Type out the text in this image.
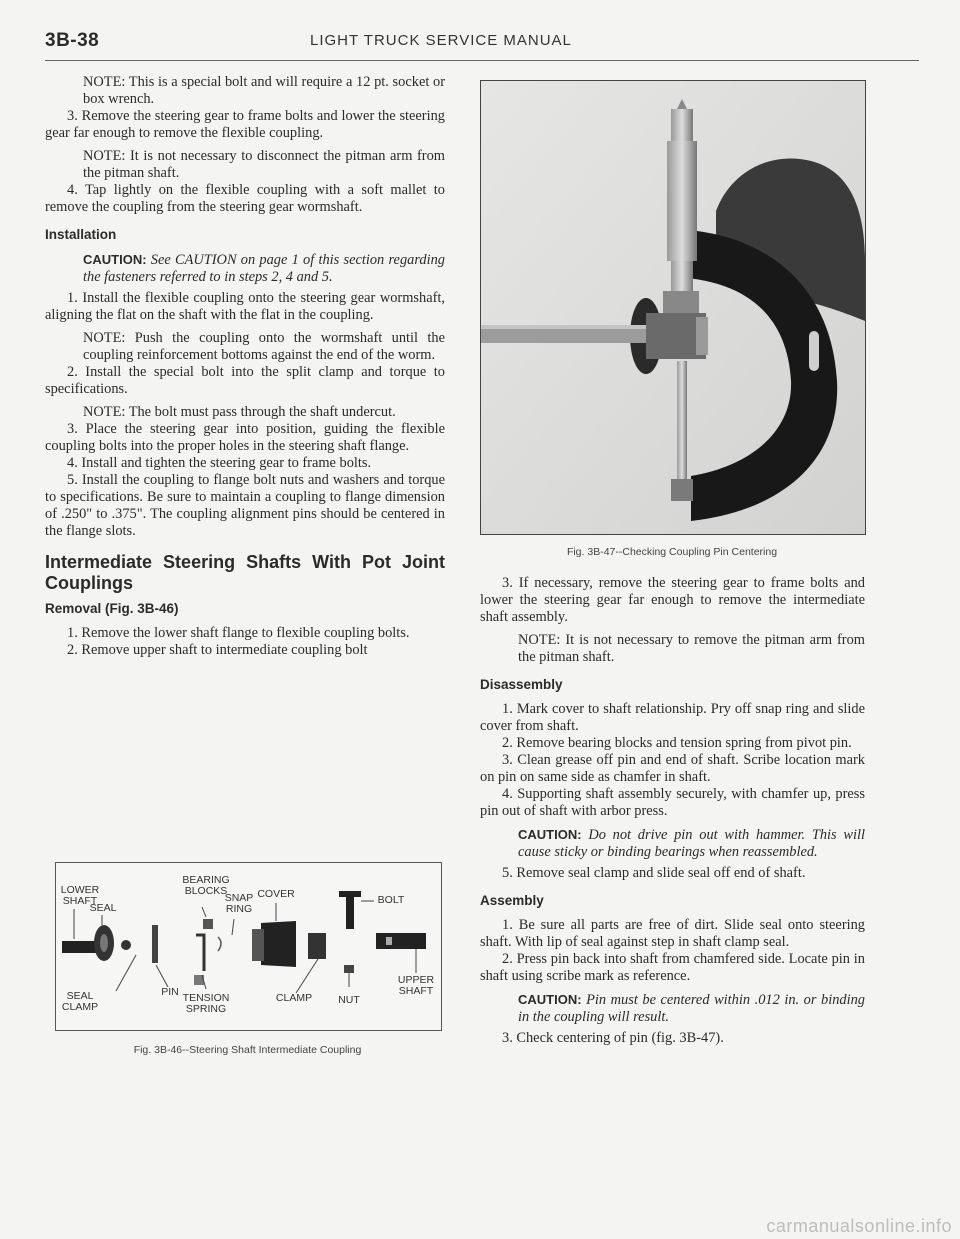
3B-38	LIGHT TRUCK SERVICE MANUAL

NOTE: This is a special bolt and will require a 12 pt. socket or box wrench.

3. Remove the steering gear to frame bolts and lower the steering gear far enough to remove the flexible coupling.

NOTE: It is not necessary to disconnect the pitman arm from the pitman shaft.

4. Tap lightly on the flexible coupling with a soft mallet to remove the coupling from the steering gear wormshaft.

Installation

CAUTION: See CAUTION on page 1 of this section regarding the fasteners referred to in steps 2, 4 and 5.

1. Install the flexible coupling onto the steering gear wormshaft, aligning the flat on the shaft with the flat in the coupling.

NOTE: Push the coupling onto the wormshaft until the coupling reinforcement bottoms against the end of the worm.

2. Install the special bolt into the split clamp and torque to specifications.

NOTE: The bolt must pass through the shaft undercut.

3. Place the steering gear into position, guiding the flexible coupling bolts into the proper holes in the steering shaft flange.

4. Install and tighten the steering gear to frame bolts.

5. Install the coupling to flange bolt nuts and washers and torque to specifications. Be sure to maintain a coupling to flange dimension of .250" to .375". The coupling alignment pins should be centered in the flange slots.

Intermediate Steering Shafts With Pot Joint Couplings

Removal (Fig. 3B-46)

1. Remove the lower shaft flange to flexible coupling bolts.

2. Remove upper shaft to intermediate coupling bolt

LOWER SHAFT
BEARING BLOCKS
SNAP RING
COVER	BOLT
SEAL
SEAL CLAMP
PIN TENSION SPRING
CLAMP	NUT
UPPER SHAFT
Fig. 3B-46--Steering Shaft Intermediate Coupling
Fig. 3B-47--Checking Coupling Pin Centering

3. If necessary, remove the steering gear to frame bolts and lower the steering gear far enough to remove the intermediate shaft assembly.

NOTE: It is not necessary to remove the pitman arm from the pitman shaft.

Disassembly

1. Mark cover to shaft relationship. Pry off snap ring and slide cover from shaft.

2. Remove bearing blocks and tension spring from pivot pin.

3. Clean grease off pin and end of shaft. Scribe location mark on pin on same side as chamfer in shaft.

4. Supporting shaft assembly securely, with chamfer up, press pin out of shaft with arbor press.

CAUTION: Do not drive pin out with hammer. This will cause sticky or binding bearings when reassembled.

5. Remove seal clamp and slide seal off end of shaft.

Assembly

1. Be sure all parts are free of dirt. Slide seal onto steering shaft. With lip of seal against step in shaft clamp seal.

2. Press pin back into shaft from chamfered side. Locate pin in shaft using scribe mark as reference.

CAUTION: Pin must be centered within .012 in. or binding in the coupling will result.

3. Check centering of pin (fig. 3B-47).

carmanualsonline.info
